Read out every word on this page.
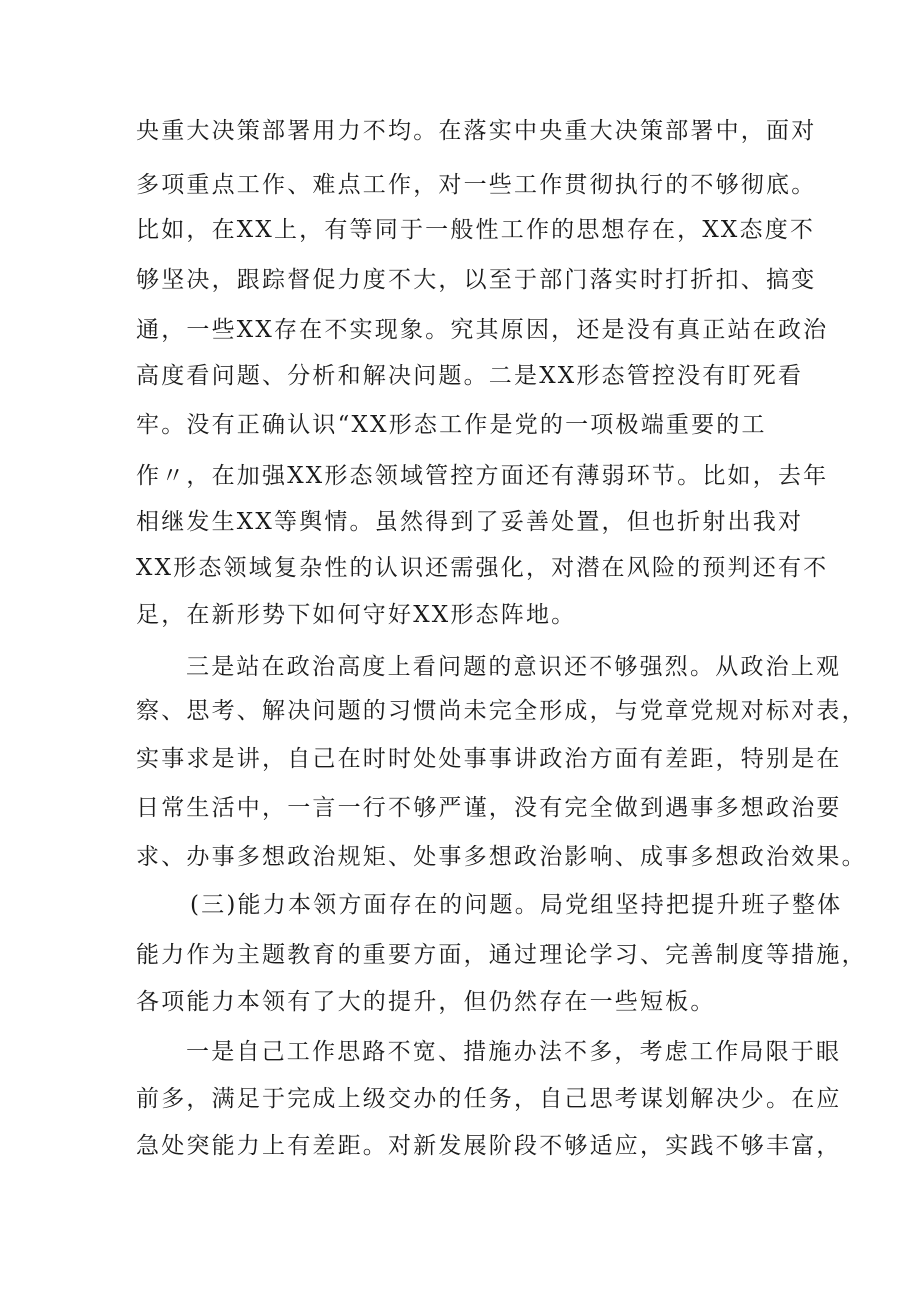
央重大决策部署用力不均。在落实中央重大决策部署中，面对
多项重点工作、难点工作，对一些工作贯彻执行的不够彻底。
比如，在XX上，有等同于一般性工作的思想存在，XX态度不
够坚决，跟踪督促力度不大，以至于部门落实时打折扣、搞变
通，一些XX存在不实现象。究其原因，还是没有真正站在政治
高度看问题、分析和解决问题。二是XX形态管控没有盯死看
牢。没有正确认识“XX形态工作是党的一项极端重要的工
作〃，在加强XX形态领域管控方面还有薄弱环节。比如，去年
相继发生XX等舆情。虽然得到了妥善处置，但也折射出我对
XX形态领域复杂性的认识还需强化，对潜在风险的预判还有不
足，在新形势下如何守好XX形态阵地。
三是站在政治高度上看问题的意识还不够强烈。从政治上观
察、思考、解决问题的习惯尚未完全形成，与党章党规对标对表，
实事求是讲，自己在时时处处事事讲政治方面有差距，特别是在
日常生活中，一言一行不够严谨，没有完全做到遇事多想政治要
求、办事多想政治规矩、处事多想政治影响、成事多想政治效果。
(三)能力本领方面存在的问题。局党组坚持把提升班子整体
能力作为主题教育的重要方面，通过理论学习、完善制度等措施，
各项能力本领有了大的提升，但仍然存在一些短板。
一是自己工作思路不宽、措施办法不多，考虑工作局限于眼
前多，满足于完成上级交办的任务，自己思考谋划解决少。在应
急处突能力上有差距。对新发展阶段不够适应，实践不够丰富，
